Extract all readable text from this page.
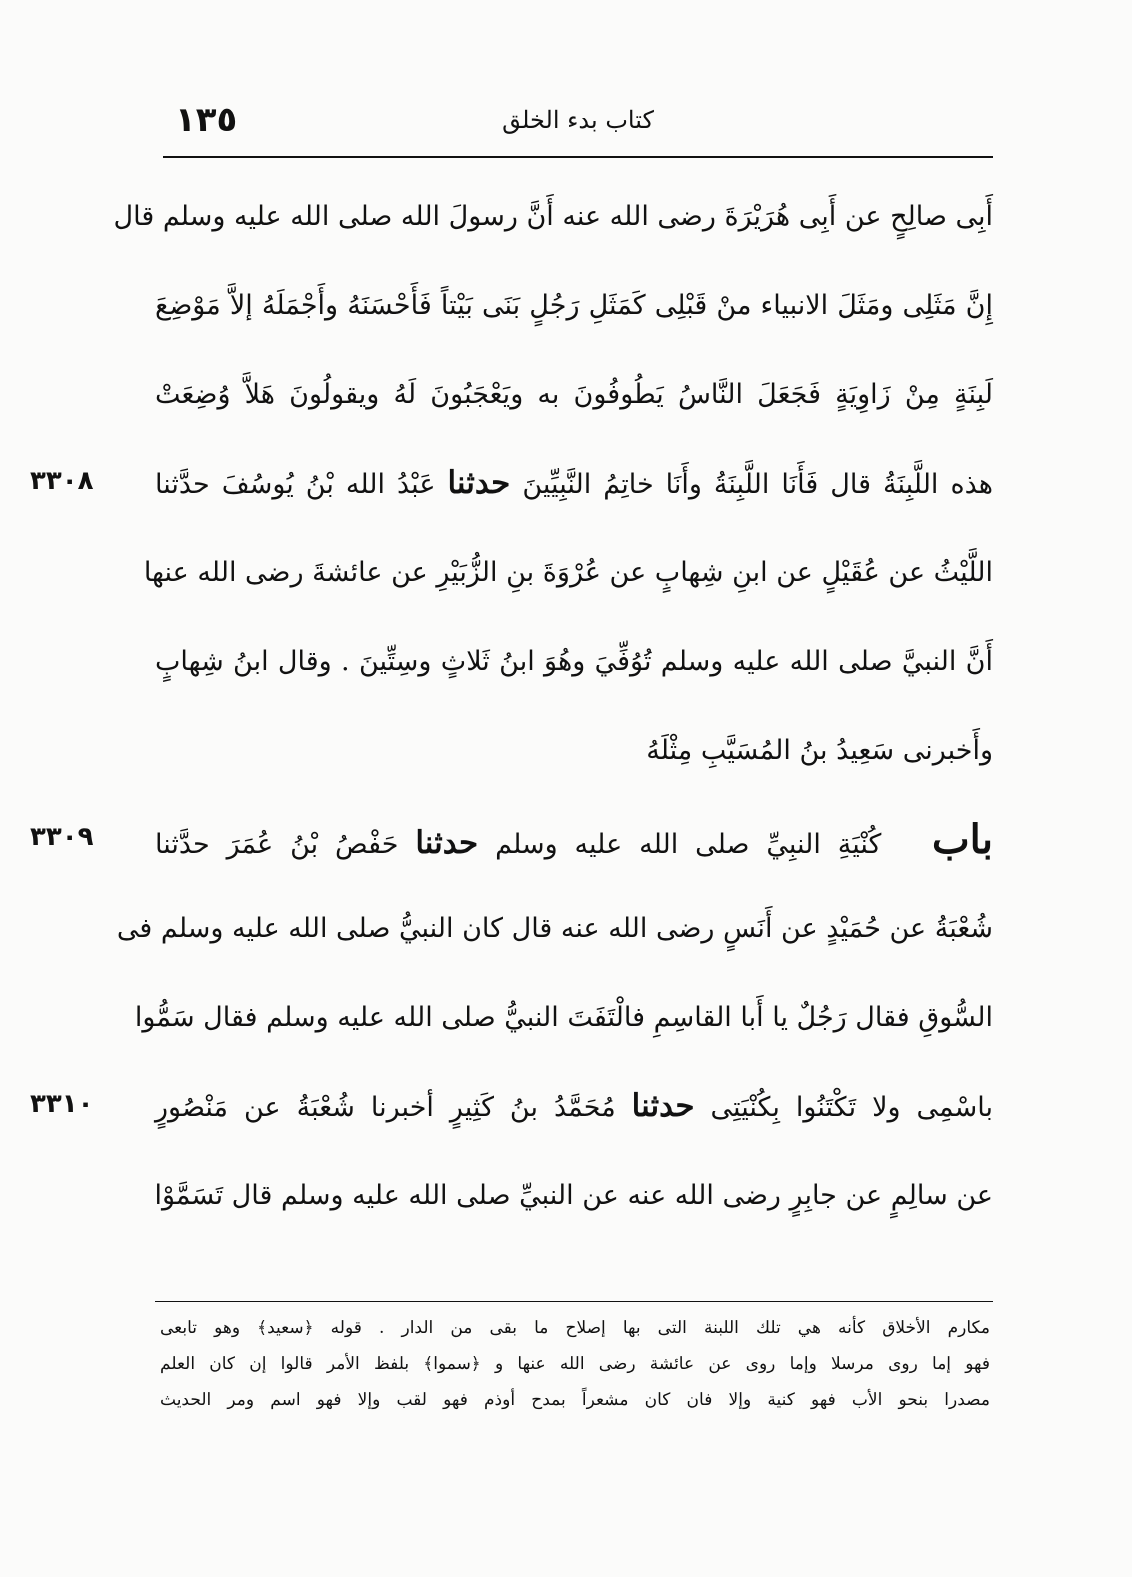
١٣٥	كتاب بدء الخلق
أَبِى صالِحٍ عن أَبِى هُرَيْرَةَ رضى الله عنه أَنَّ رسولَ الله صلى الله عليه وسلم قال
إِنَّ مَثَلِى ومَثَلَ الانبياء منْ قَبْلِى كَمَثَلِ رَجُلٍ بَنَى بَيْتاً فَأَحْسَنَهُ وأَجْمَلَهُ إلاَّ مَوْضِعَ
لَبِنَةٍ مِنْ زَاوِيَةٍ فَجَعَلَ النَّاسُ يَطُوفُونَ به ويَعْجَبُونَ لَهُ ويقولُونَ هَلاَّ وُضِعَتْ
هذه اللَّبِنَةُ قال فَأَنَا اللَّبِنَةُ وأَنَا خاتِمُ النَّبِيِّينَ حدثنا عَبْدُ الله بْنُ يُوسُفَ حدَّثنا
اللَّيْثُ عن عُقَيْلٍ عن ابنِ شِهابٍ عن عُرْوَةَ بنِ الزُّبَيْرِ عن عائشةَ رضى الله عنها
أَنَّ النبيَّ صلى الله عليه وسلم تُوُفِّيَ وهُوَ ابنُ ثَلاثٍ وسِتِّينَ . وقال ابنُ شِهابٍ
وأَخبرنى سَعِيدُ بنُ المُسَيَّبِ مِثْلَهُ
باب   كُنْيَةِ النبِيِّ صلى الله عليه وسلم حدثنا حَفْصُ بْنُ عُمَرَ حدَّثنا
شُعْبَةُ عن حُمَيْدٍ عن أَنَسٍ رضى الله عنه قال كان النبيُّ صلى الله عليه وسلم فى
السُّوقِ فقال رَجُلٌ يا أَبا القاسِمِ فالْتَفَتَ النبيُّ صلى الله عليه وسلم فقال سَمُّوا
باسْمِى ولا تَكْتَنُوا بِكُنْيَتِى حدثنا مُحَمَّدُ بنُ كَثِيرٍ أخبرنا شُعْبَةُ عن مَنْصُورٍ
عن سالِمٍ عن جابِرٍ رضى الله عنه عن النبيِّ صلى الله عليه وسلم قال تَسَمَّوْا
مكارم الأخلاق كأنه هي تلك اللبنة التى بها إصلاح ما بقى من الدار . قوله ﴿سعيد﴾ وهو تابعى
فهو إما روى مرسلا وإما روى عن عائشة رضى الله عنها و ﴿سموا﴾ بلفظ الأمر قالوا إن كان العلم
مصدرا بنحو الأب فهو كنية وإلا فان كان مشعراً بمدح أوذم فهو لقب وإلا فهو اسم ومر الحديث
٣٣٠٨
٣٣٠٩
٣٣١٠
